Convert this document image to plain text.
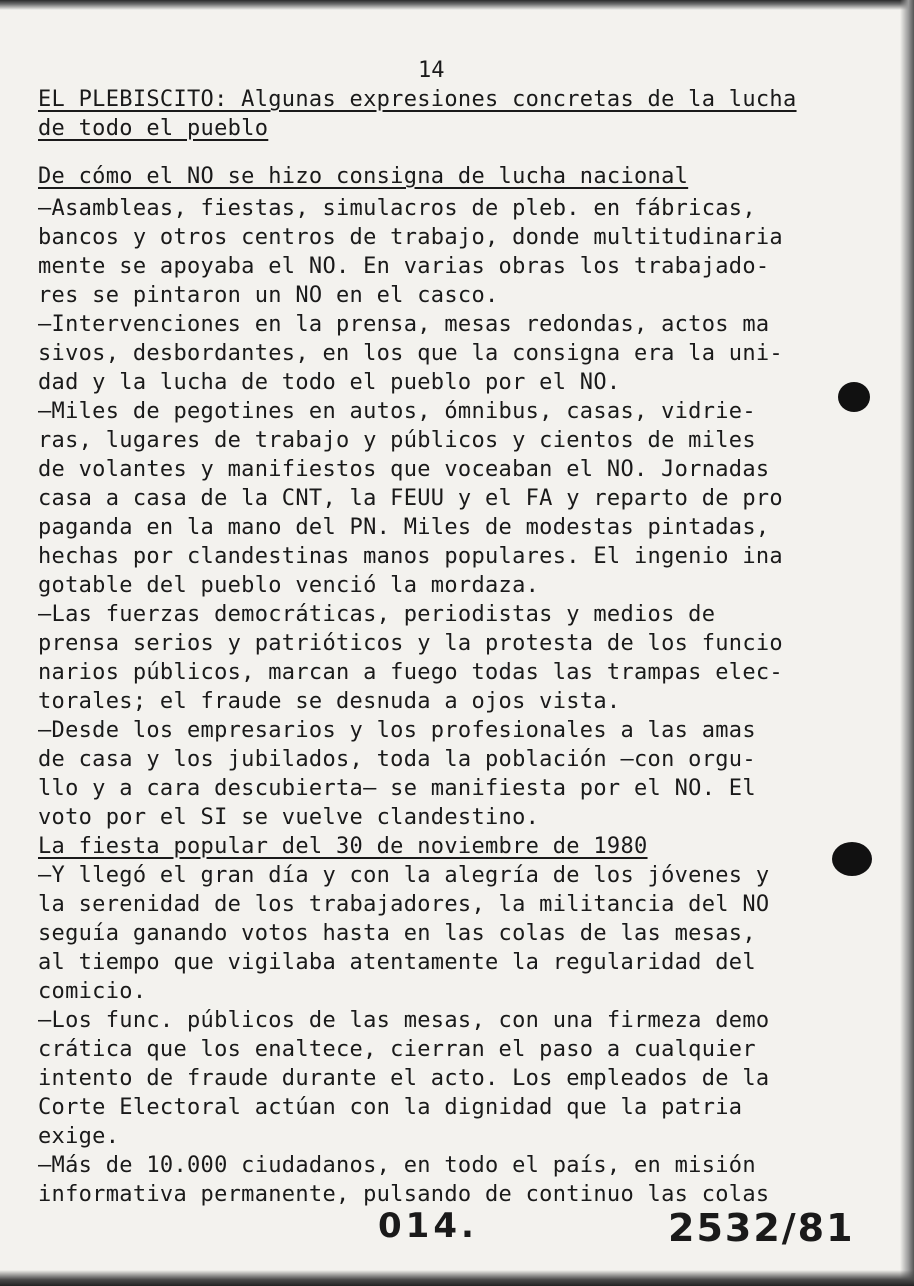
14
EL PLEBISCITO: Algunas expresiones concretas de la lucha
de todo el pueblo
De cómo el NO se hizo consigna de lucha nacional
—Asambleas, fiestas, simulacros de pleb. en fábricas,
bancos y otros centros de trabajo, donde multitudinaria
mente se apoyaba el NO. En varias obras los trabajado-
res se pintaron un NO en el casco.
—Intervenciones en la prensa, mesas redondas, actos ma
sivos, desbordantes, en los que la consigna era la uni-
dad y la lucha de todo el pueblo por el NO.
—Miles de pegotines en autos, ómnibus, casas, vidrie-
ras, lugares de trabajo y públicos y cientos de miles
de volantes y manifiestos que voceaban el NO. Jornadas
casa a casa de la CNT, la FEUU y el FA y reparto de pro
paganda en la mano del PN. Miles de modestas pintadas,
hechas por clandestinas manos populares. El ingenio ina
gotable del pueblo venció la mordaza.
—Las fuerzas democráticas, periodistas y medios de
prensa serios y patrióticos y la protesta de los funcio
narios públicos, marcan a fuego todas las trampas elec-
torales; el fraude se desnuda a ojos vista.
—Desde los empresarios y los profesionales a las amas
de casa y los jubilados, toda la población —con orgu-
llo y a cara descubierta— se manifiesta por el NO. El
voto por el SI se vuelve clandestino.
La fiesta popular del 30 de noviembre de 1980
—Y llegó el gran día y con la alegría de los jóvenes y
la serenidad de los trabajadores, la militancia del NO
seguía ganando votos hasta en las colas de las mesas,
al tiempo que vigilaba atentamente la regularidad del
comicio.
—Los func. públicos de las mesas, con una firmeza demo
crática que los enaltece, cierran el paso a cualquier
intento de fraude durante el acto. Los empleados de la
Corte Electoral actúan con la dignidad que la patria
exige.
—Más de 10.000 ciudadanos, en todo el país, en misión
informativa permanente, pulsando de continuo las colas
014.	2532/81
